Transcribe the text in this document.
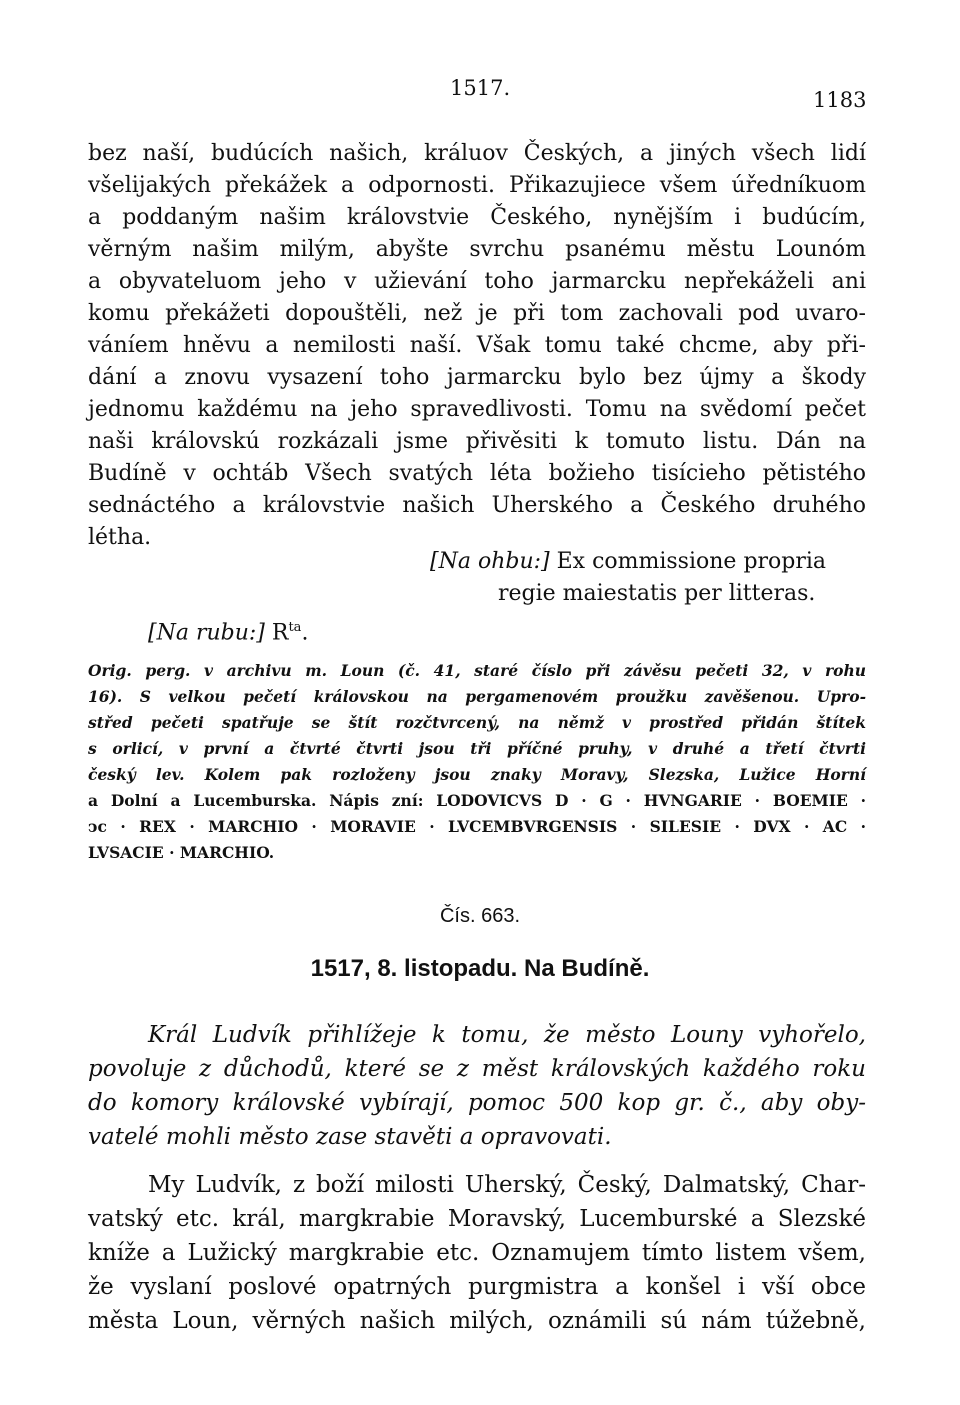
1517.	1183
bez naší, budúcích našich, králuov Českých, a jiných všech lidí
všelijakých překážek a odpornosti. Přikazujiece všem úředníkuom
a poddaným našim královstvie Českého, nynějším i budúcím,
věrným našim milým, abyšte svrchu psanému městu Lounóm
a obyvateluom jeho v užievání toho jarmarcku nepřekáželi ani
komu překážeti dopouštěli, než je při tom zachovali pod uvaro-
váníem hněvu a nemilosti naší. Však tomu také chcme, aby při-
dání a znovu vysazení toho jarmarcku bylo bez újmy a škody
jednomu každému na jeho spravedlivosti. Tomu na svědomí pečet
naši královskú rozkázali jsme přivěsiti k tomuto listu. Dán na
Budíně v ochtáb Všech svatých léta božieho tisícieho pětistého
sednáctého a královstvie našich Uherského a Českého druhého
létha.
[Na ohbu:] Ex commissione propria
regie maiestatis per litteras.
[Na rubu:] $R^{ta}$.
Orig. perg. v archivu m. Loun (č. 41, staré číslo při závěsu pečeti 32, v rohu
16). S velkou pečetí královskou na pergamenovém proužku zavěšenou. Upro-
střed pečeti spatřuje se štít rozčtvrcený, na němž v prostřed přidán štítek
s orlicí, v první a čtvrté čtvrti jsou tři příčné pruhy, v druhé a třetí čtvrti
český lev. Kolem pak rozloženy jsou znaky Moravy, Slezska, Lužice Horní
a Dolní a Lucemburska. Nápis zní: LODOVICVS D · G · HVNGARIE · BOEMIE ·
ↄc · REX · MARCHIO · MORAVIE · LVCEMBVRGENSIS · SILESIE · DVX · AC ·
LVSACIE · MARCHIO.
Čís. 663.
1517, 8. listopadu. Na Budíně.
Král Ludvík přihlížeje k tomu, že město Louny vyhořelo,
povoluje z důchodů, které se z měst královských každého roku
do komory královské vybírají, pomoc 500 kop gr. č., aby oby-
vatelé mohli město zase stavěti a opravovati.
My Ludvík, z boží milosti Uherský, Český, Dalmatský, Char-
vatský etc. král, margkrabie Moravský, Lucemburské a Slezské
kníže a Lužický margkrabie etc. Oznamujem tímto listem všem,
že vyslaní poslové opatrných purgmistra a konšel i vší obce
města Loun, věrných našich milých, oznámili sú nám túžebně,
